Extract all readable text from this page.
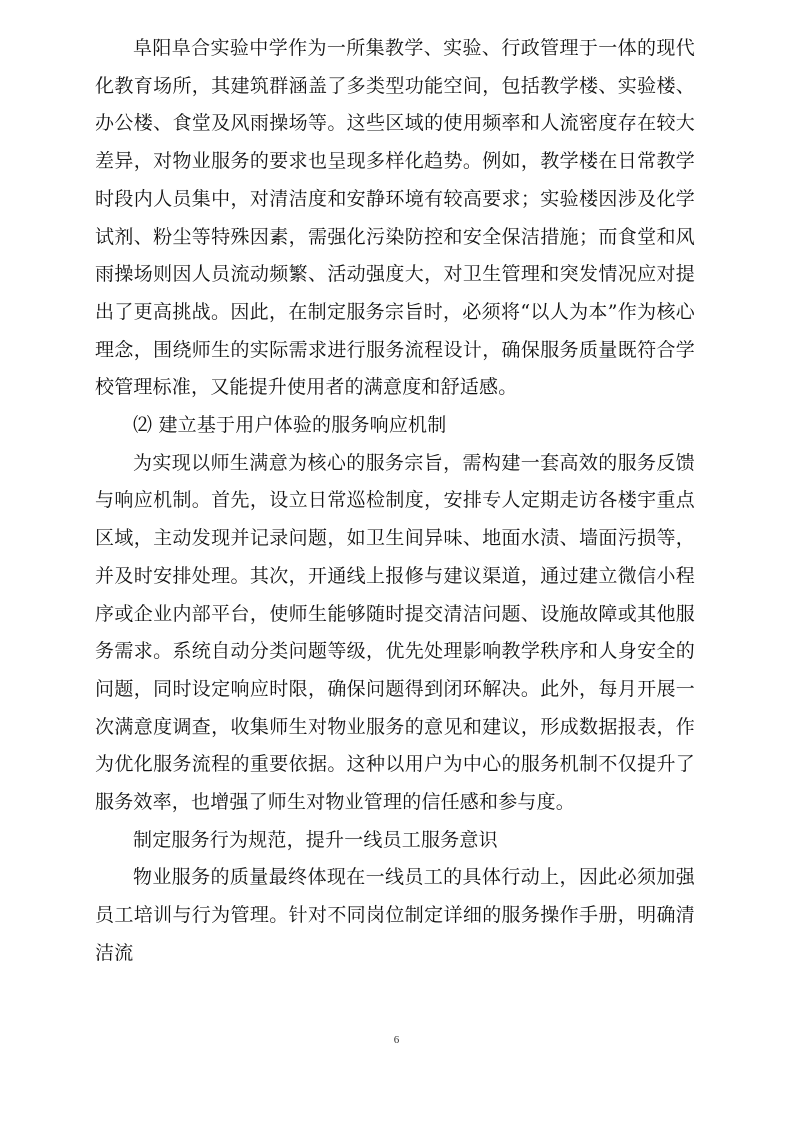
阜阳阜合实验中学作为一所集教学、实验、行政管理于一体的现代化教育场所，其建筑群涵盖了多类型功能空间，包括教学楼、实验楼、办公楼、食堂及风雨操场等。这些区域的使用频率和人流密度存在较大差异，对物业服务的要求也呈现多样化趋势。例如，教学楼在日常教学时段内人员集中，对清洁度和安静环境有较高要求；实验楼因涉及化学试剂、粉尘等特殊因素，需强化污染防控和安全保洁措施；而食堂和风雨操场则因人员流动频繁、活动强度大，对卫生管理和突发情况应对提出了更高挑战。因此，在制定服务宗旨时，必须将“以人为本”作为核心理念，围绕师生的实际需求进行服务流程设计，确保服务质量既符合学校管理标准，又能提升使用者的满意度和舒适感。

⑵ 建立基于用户体验的服务响应机制

为实现以师生满意为核心的服务宗旨，需构建一套高效的服务反馈与响应机制。首先，设立日常巡检制度，安排专人定期走访各楼宇重点区域，主动发现并记录问题，如卫生间异味、地面水渍、墙面污损等，并及时安排处理。其次，开通线上报修与建议渠道，通过建立微信小程序或企业内部平台，使师生能够随时提交清洁问题、设施故障或其他服务需求。系统自动分类问题等级，优先处理影响教学秩序和人身安全的问题，同时设定响应时限，确保问题得到闭环解决。此外，每月开展一次满意度调查，收集师生对物业服务的意见和建议，形成数据报表，作为优化服务流程的重要依据。这种以用户为中心的服务机制不仅提升了服务效率，也增强了师生对物业管理的信任感和参与度。

制定服务行为规范，提升一线员工服务意识

物业服务的质量最终体现在一线员工的具体行动上，因此必须加强员工培训与行为管理。针对不同岗位制定详细的服务操作手册，明确清洁流

6
